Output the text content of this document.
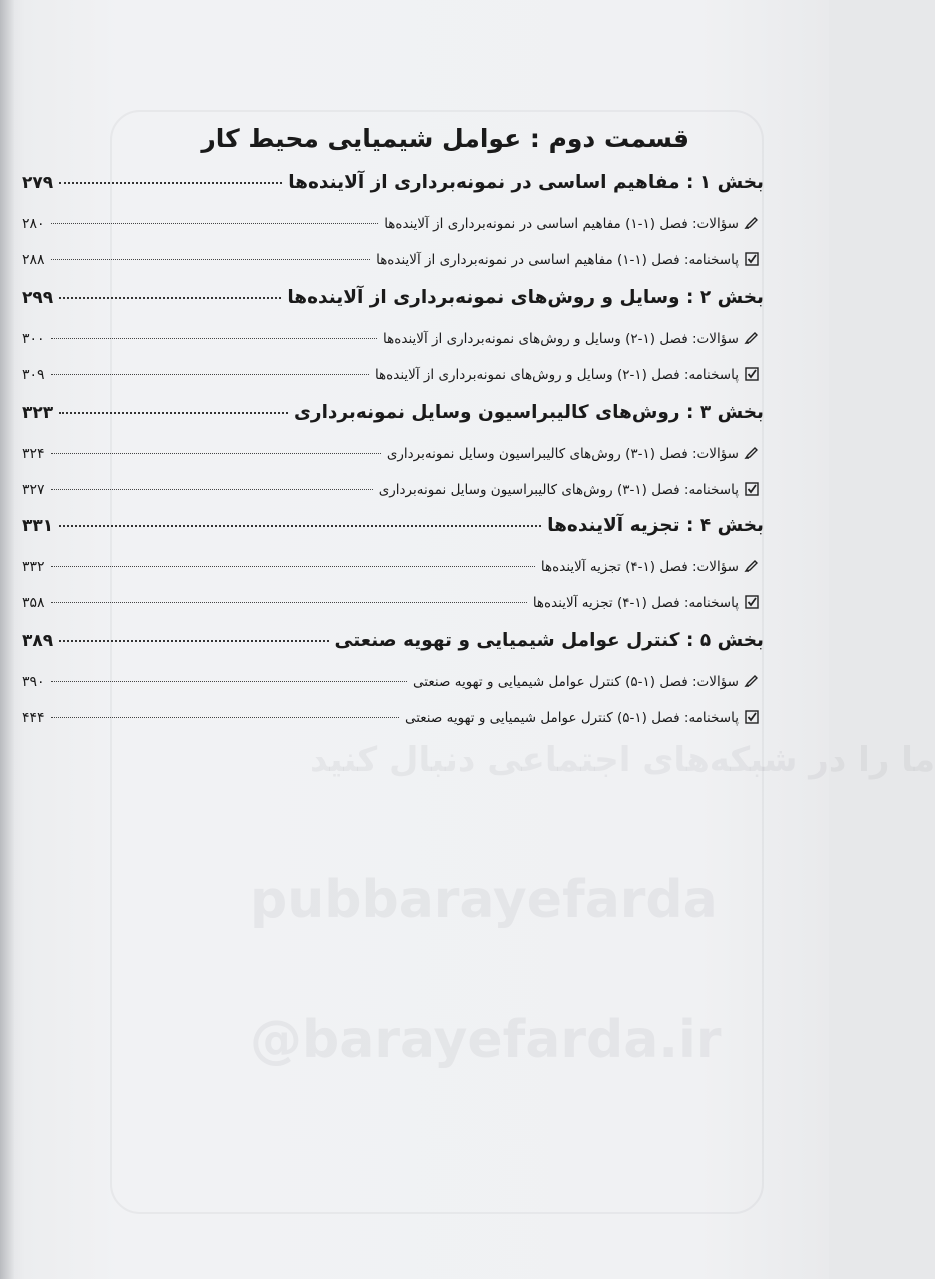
ما را در شبکه‌های اجتماعی دنبال کنید
pubbarayefarda
@barayefarda.ir
قسمت دوم : عوامل شیمیایی محیط کار
بخش ۱ : مفاهیم اساسی در نمونه‌برداری از آلاینده‌ها
۲۷۹
سؤالات: فصل (۱-۱) مفاهیم اساسی در نمونه‌برداری از آلاینده‌ها
۲۸۰
پاسخنامه: فصل (۱-۱) مفاهیم اساسی در نمونه‌برداری از آلاینده‌ها
۲۸۸
بخش ۲ : وسایل و روش‌های نمونه‌برداری از آلاینده‌ها
۲۹۹
سؤالات: فصل (۱-۲) وسایل و روش‌های نمونه‌برداری از آلاینده‌ها
۳۰۰
پاسخنامه: فصل (۱-۲) وسایل و روش‌های نمونه‌برداری از آلاینده‌ها
۳۰۹
بخش ۳ : روش‌های کالیبراسیون وسایل نمونه‌برداری
۳۲۳
سؤالات: فصل (۱-۳) روش‌های کالیبراسیون وسایل نمونه‌برداری
۳۲۴
پاسخنامه: فصل (۱-۳) روش‌های کالیبراسیون وسایل نمونه‌برداری
۳۲۷
بخش ۴ : تجزیه آلاینده‌ها
۳۳۱
سؤالات: فصل (۱-۴) تجزیه آلاینده‌ها
۳۳۲
پاسخنامه: فصل (۱-۴) تجزیه آلاینده‌ها
۳۵۸
بخش ۵ : کنترل عوامل شیمیایی و تهویه صنعتی
۳۸۹
سؤالات: فصل (۱-۵) کنترل عوامل شیمیایی و تهویه صنعتی
۳۹۰
پاسخنامه: فصل (۱-۵) کنترل عوامل شیمیایی و تهویه صنعتی
۴۴۴
